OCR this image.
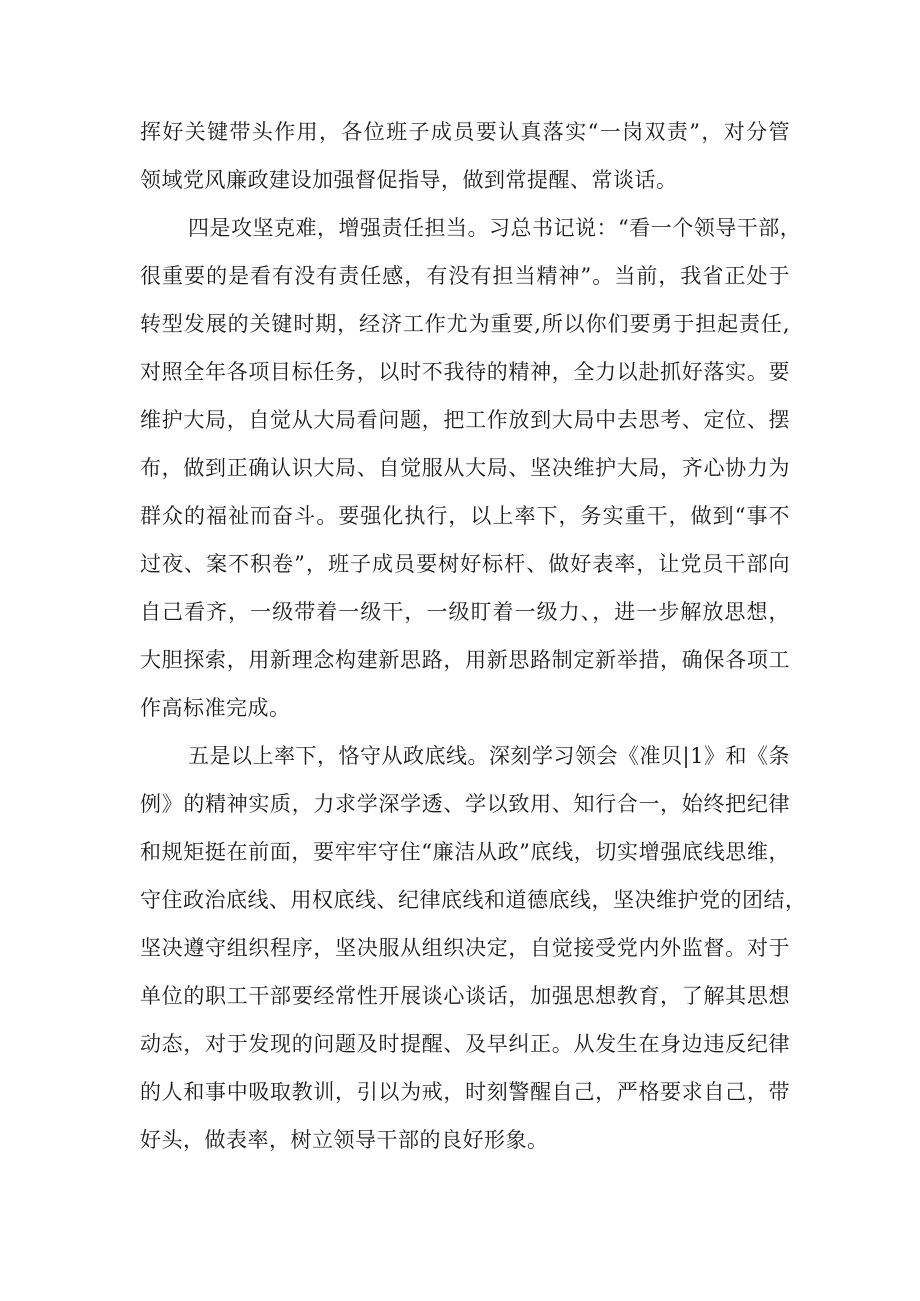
挥好关键带头作用，各位班子成员要认真落实“一岗双责”，对分管
领域党风廉政建设加强督促指导，做到常提醒、常谈话。
四是攻坚克难，增强责任担当。习总书记说：“看一个领导干部，
很重要的是看有没有责任感，有没有担当精神”。当前，我省正处于
转型发展的关键时期，经济工作尤为重要,所以你们要勇于担起责任,
对照全年各项目标任务，以时不我待的精神，全力以赴抓好落实。要
维护大局，自觉从大局看问题，把工作放到大局中去思考、定位、摆
布，做到正确认识大局、自觉服从大局、坚决维护大局，齐心协力为
群众的福祉而奋斗。要强化执行，以上率下，务实重干，做到“事不
过夜、案不积卷”，班子成员要树好标杆、做好表率，让党员干部向
自己看齐，一级带着一级干，一级盯着一级力、，进一步解放思想，
大胆探索，用新理念构建新思路，用新思路制定新举措，确保各项工
作高标准完成。
五是以上率下，恪守从政底线。深刻学习领会《准贝|1》和《条
例》的精神实质，力求学深学透、学以致用、知行合一，始终把纪律
和规矩挺在前面，要牢牢守住“廉洁从政”底线，切实增强底线思维，
守住政治底线、用权底线、纪律底线和道德底线，坚决维护党的团结，
坚决遵守组织程序，坚决服从组织决定，自觉接受党内外监督。对于
单位的职工干部要经常性开展谈心谈话，加强思想教育，了解其思想
动态，对于发现的问题及时提醒、及早纠正。从发生在身边违反纪律
的人和事中吸取教训，引以为戒，时刻警醒自己，严格要求自己，带
好头，做表率，树立领导干部的良好形象。
